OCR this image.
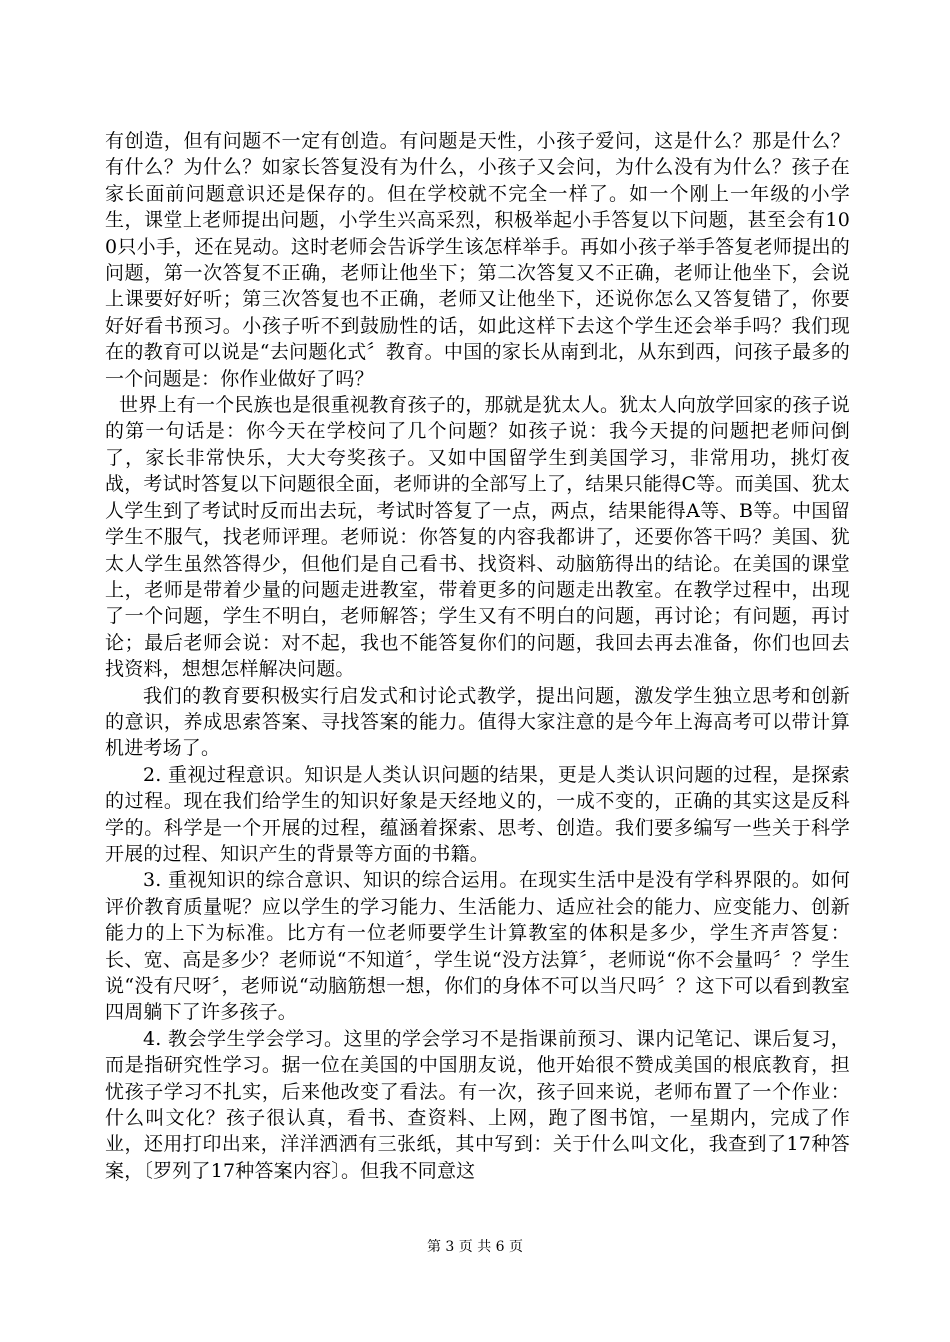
有创造，但有问题不一定有创造。有问题是天性，小孩子爱问，这是什么？那是什么？有什么？为什么？如家长答复没有为什么，小孩子又会问，为什么没有为什么？孩子在家长面前问题意识还是保存的。但在学校就不完全一样了。如一个刚上一年级的小学生，课堂上老师提出问题，小学生兴高采烈，积极举起小手答复以下问题，甚至会有100只小手，还在晃动。这时老师会告诉学生该怎样举手。再如小孩子举手答复老师提出的问题，第一次答复不正确，老师让他坐下；第二次答复又不正确，老师让他坐下，会说上课要好好听；第三次答复也不正确，老师又让他坐下，还说你怎么又答复错了，你要好好看书预习。小孩子听不到鼓励性的话，如此这样下去这个学生还会举手吗？我们现在的教育可以说是“去问题化式〞教育。中国的家长从南到北，从东到西，问孩子最多的一个问题是：你作业做好了吗？

世界上有一个民族也是很重视教育孩子的，那就是犹太人。犹太人向放学回家的孩子说的第一句话是：你今天在学校问了几个问题？如孩子说：我今天提的问题把老师问倒了，家长非常快乐，大大夸奖孩子。又如中国留学生到美国学习，非常用功，挑灯夜战，考试时答复以下问题很全面，老师讲的全部写上了，结果只能得C等。而美国、犹太人学生到了考试时反而出去玩，考试时答复了一点，两点，结果能得A等、B等。中国留学生不服气，找老师评理。老师说：你答复的内容我都讲了，还要你答干吗？美国、犹太人学生虽然答得少，但他们是自己看书、找资料、动脑筋得出的结论。在美国的课堂上，老师是带着少量的问题走进教室，带着更多的问题走出教室。在教学过程中，出现了一个问题，学生不明白，老师解答；学生又有不明白的问题，再讨论；有问题，再讨论；最后老师会说：对不起，我也不能答复你们的问题，我回去再去准备，你们也回去找资料，想想怎样解决问题。

我们的教育要积极实行启发式和讨论式教学，提出问题，激发学生独立思考和创新的意识，养成思索答案、寻找答案的能力。值得大家注意的是今年上海高考可以带计算机进考场了。

2. 重视过程意识。知识是人类认识问题的结果，更是人类认识问题的过程，是探索的过程。现在我们给学生的知识好象是天经地义的，一成不变的，正确的其实这是反科学的。科学是一个开展的过程，蕴涵着探索、思考、创造。我们要多编写一些关于科学开展的过程、知识产生的背景等方面的书籍。

3. 重视知识的综合意识、知识的综合运用。在现实生活中是没有学科界限的。如何评价教育质量呢？应以学生的学习能力、生活能力、适应社会的能力、应变能力、创新能力的上下为标准。比方有一位老师要学生计算教室的体积是多少，学生齐声答复：长、宽、高是多少？老师说“不知道〞，学生说“没方法算〞，老师说“你不会量吗〞？学生说“没有尺呀〞，老师说“动脑筋想一想，你们的身体不可以当尺吗〞？这下可以看到教室四周躺下了许多孩子。

4. 教会学生学会学习。这里的学会学习不是指课前预习、课内记笔记、课后复习，而是指研究性学习。据一位在美国的中国朋友说，他开始很不赞成美国的根底教育，担忧孩子学习不扎实，后来他改变了看法。有一次，孩子回来说，老师布置了一个作业：什么叫文化？孩子很认真，看书、查资料、上网，跑了图书馆，一星期内，完成了作业，还用打印出来，洋洋洒洒有三张纸，其中写到：关于什么叫文化，我查到了17种答案，〔罗列了17种答案内容〕。但我不同意这

第 3 页 共 6 页
